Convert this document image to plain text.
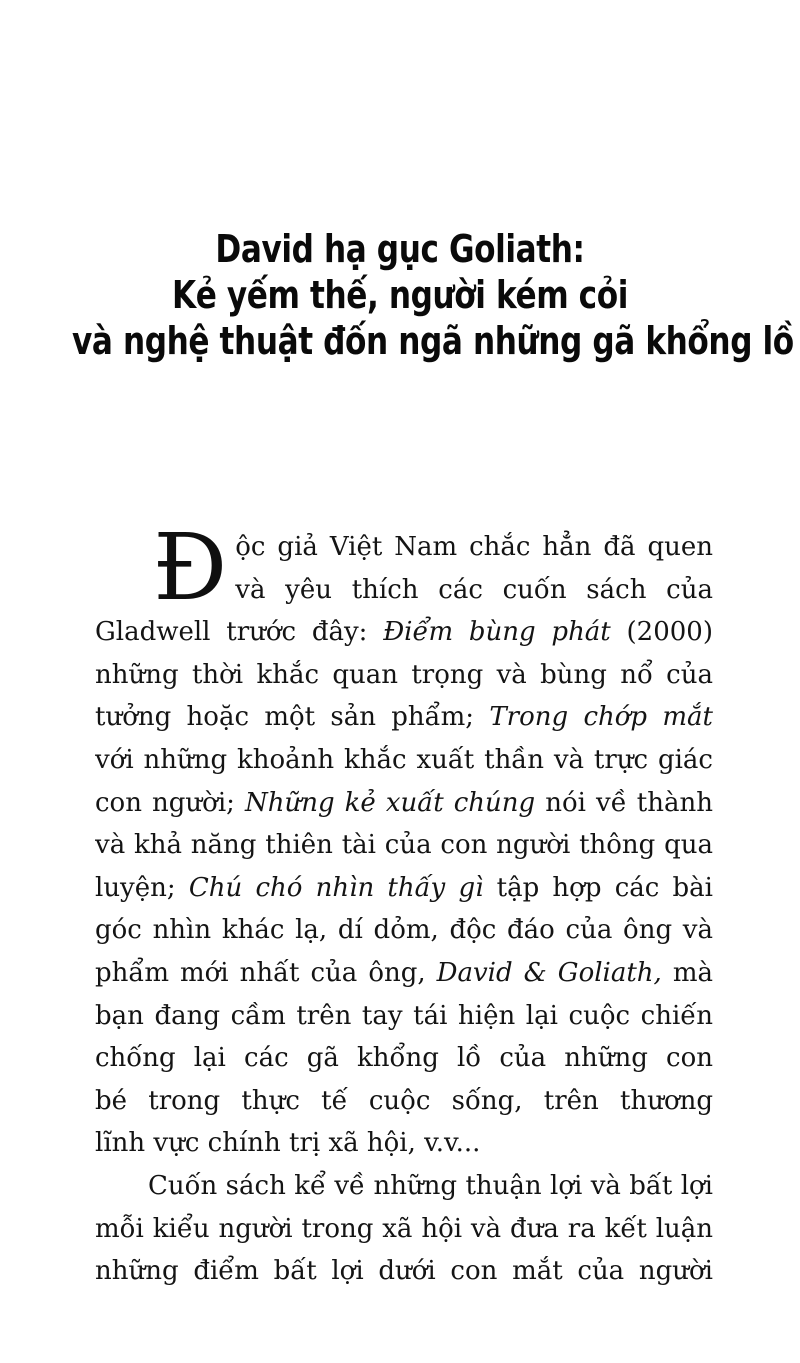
David hạ gục Goliath:
Kẻ yếm thế, người kém cỏi
và nghệ thuật đốn ngã những gã khổng lồ
Đ ộc giả Việt Nam chắc hẳn đã quen
và yêu thích các cuốn sách của
Gladwell trước đây: Điểm bùng phát (2000)
những thời khắc quan trọng và bùng nổ của
tưởng hoặc một sản phẩm; Trong chớp mắt
với những khoảnh khắc xuất thần và trực giác
con người; Những kẻ xuất chúng nói về thành
và khả năng thiên tài của con người thông qua
luyện; Chú chó nhìn thấy gì tập hợp các bài
góc nhìn khác lạ, dí dỏm, độc đáo của ông và
phẩm mới nhất của ông, David & Goliath, mà
bạn đang cầm trên tay tái hiện lại cuộc chiến
chống lại các gã khổng lồ của những con
bé trong thực tế cuộc sống, trên thương
lĩnh vực chính trị xã hội, v.v...
Cuốn sách kể về những thuận lợi và bất lợi
mỗi kiểu người trong xã hội và đưa ra kết luận
những điểm bất lợi dưới con mắt của người
